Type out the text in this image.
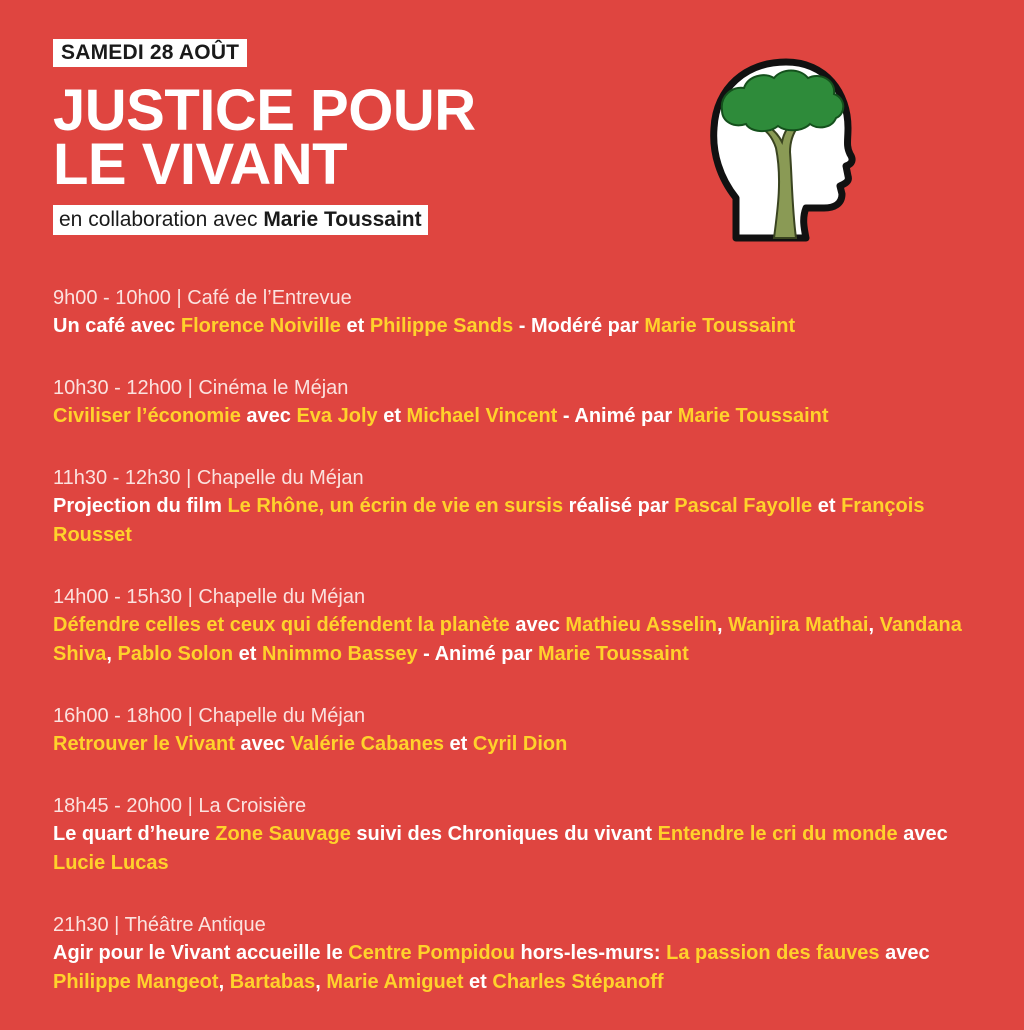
SAMEDI 28 AOÛT
JUSTICE POUR
LE VIVANT
en collaboration avec Marie Toussaint
9h00 - 10h00 | Café de l’Entrevue
Un café avec Florence Noiville et Philippe Sands - Modéré par Marie Toussaint
10h30 - 12h00 | Cinéma le Méjan
Civiliser l’économie avec Eva Joly et Michael Vincent - Animé par Marie Toussaint
11h30 - 12h30 | Chapelle du Méjan
Projection du film Le Rhône, un écrin de vie en sursis réalisé par Pascal Fayolle et François Rousset
14h00 - 15h30 | Chapelle du Méjan
Défendre celles et ceux qui défendent la planète avec Mathieu Asselin, Wanjira Mathai, Vandana Shiva, Pablo Solon et Nnimmo Bassey - Animé par Marie Toussaint
16h00 - 18h00 | Chapelle du Méjan
Retrouver le Vivant avec Valérie Cabanes et Cyril Dion
18h45 - 20h00 | La Croisière
Le quart d’heure Zone Sauvage suivi des Chroniques du vivant Entendre le cri du monde avec Lucie Lucas
21h30 | Théâtre Antique
Agir pour le Vivant accueille le Centre Pompidou hors-les-murs: La passion des fauves avec Philippe Mangeot, Bartabas, Marie Amiguet et Charles Stépanoff
